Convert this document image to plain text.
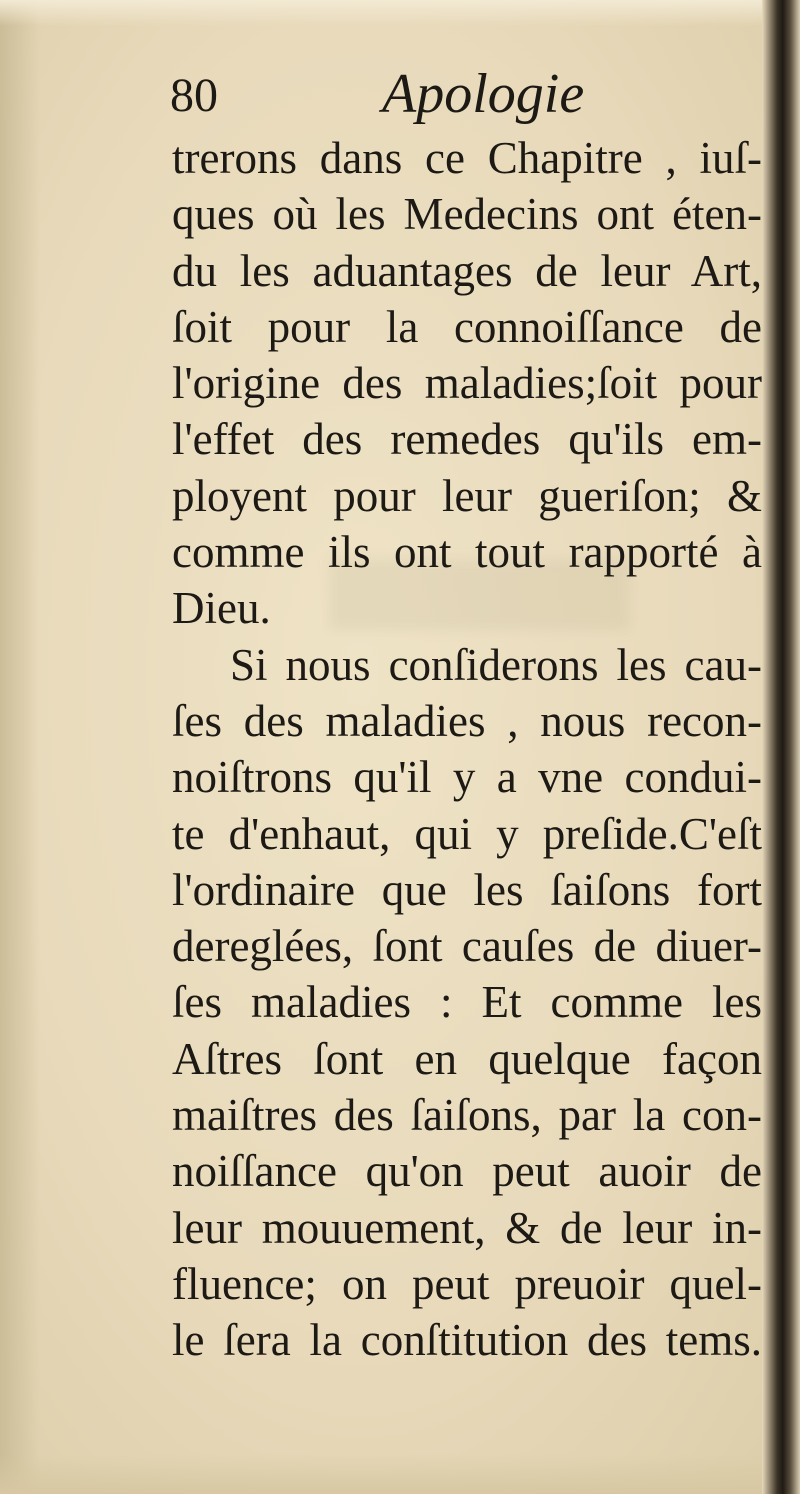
80	Apologie
trerons dans ce Chapitre , iuſ-
ques où les Medecins ont éten-
du les aduantages de leur Art,
ſoit pour la connoiſſance de
l'origine des maladies;ſoit pour
l'effet des remedes qu'ils em-
ployent pour leur gueriſon; &
comme ils ont tout rapporté à
Dieu.
Si nous conſiderons les cau-
ſes des maladies , nous recon-
noiſtrons qu'il y a vne condui-
te d'enhaut, qui y preſide.C'eſt
l'ordinaire que les ſaiſons fort
dereglées, ſont cauſes de diuer-
ſes maladies : Et comme les
Aſtres ſont en quelque façon
maiſtres des ſaiſons, par la con-
noiſſance qu'on peut auoir de
leur mouuement, & de leur in-
fluence; on peut preuoir quel-
le ſera la conſtitution des tems.
